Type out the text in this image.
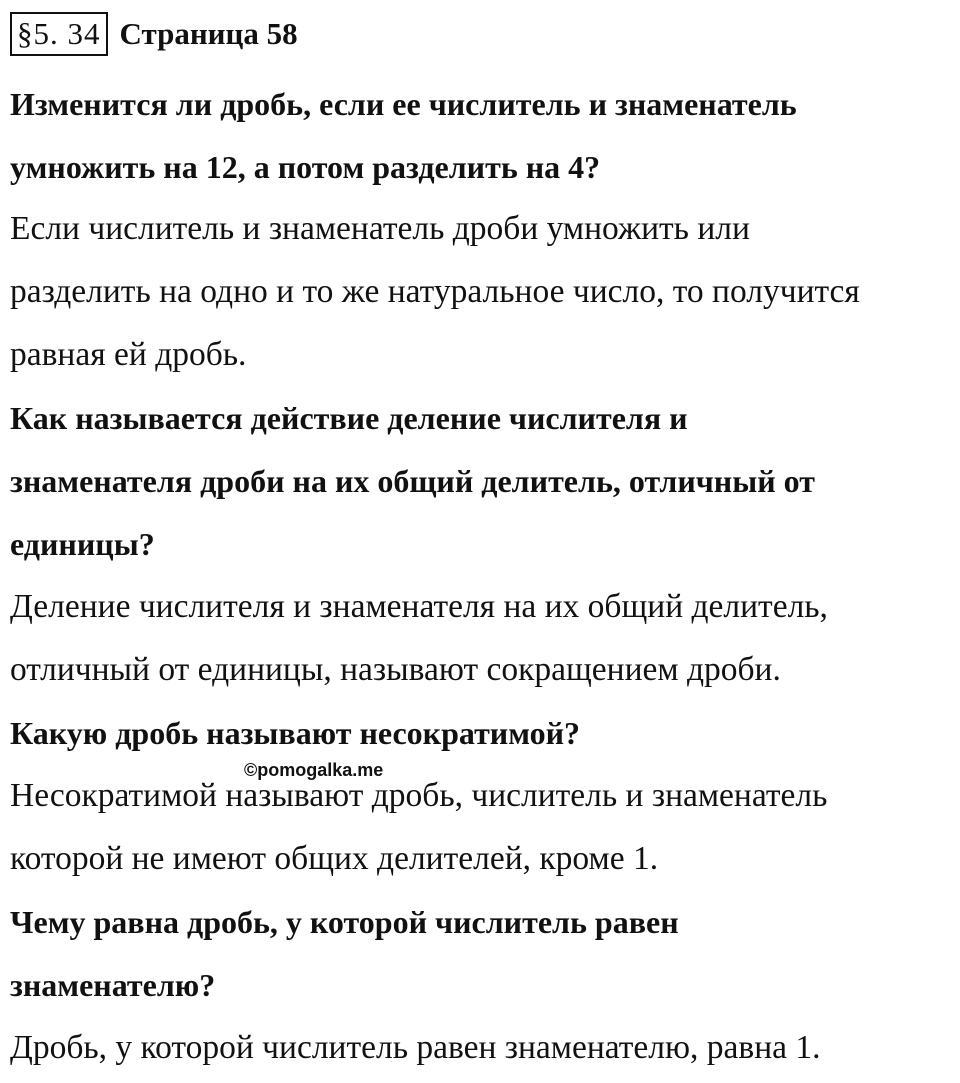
§5. 34 Страница 58
Изменится ли дробь, если ее числитель и знаменатель
умножить на 12, а потом разделить на 4?
Если числитель и знаменатель дроби умножить или
разделить на одно и то же натуральное число, то получится
равная ей дробь.
Как называется действие деление числителя и
знаменателя дроби на их общий делитель, отличный от
единицы?
Деление числителя и знаменателя на их общий делитель,
отличный от единицы, называют сокращением дроби.
Какую дробь называют несократимой?
Несократимой называют дробь, числитель и знаменатель
которой не имеют общих делителей, кроме 1.
Чему равна дробь, у которой числитель равен
знаменателю?
Дробь, у которой числитель равен знаменателю, равна 1.
©pomogalka.me
